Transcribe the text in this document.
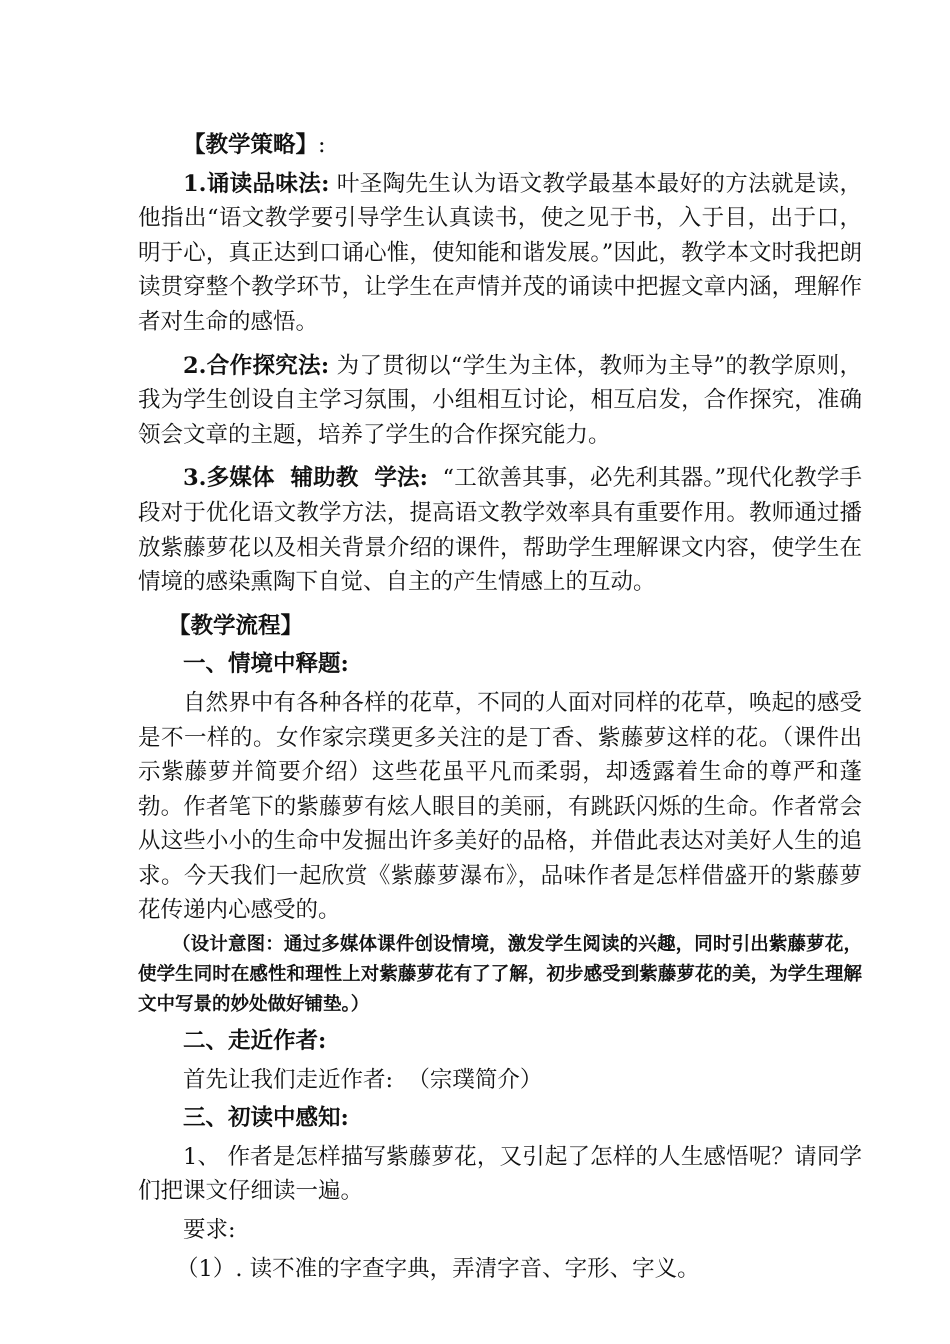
【教学策略】:

1.诵读品味法: 叶圣陶先生认为语文教学最基本最好的方法就是读，他指出“语文教学要引导学生认真读书，使之见于书，入于目，出于口，明于心，真正达到口诵心惟，使知能和谐发展。”因此，教学本文时我把朗读贯穿整个教学环节，让学生在声情并茂的诵读中把握文章内涵，理解作者对生命的感悟。

2.合作探究法: 为了贯彻以“学生为主体，教师为主导”的教学原则，我为学生创设自主学习氛围，小组相互讨论，相互启发，合作探究，准确领会文章的主题，培养了学生的合作探究能力。

3.多媒体  辅助教  学法:  “工欲善其事，必先利其器。”现代化教学手段对于优化语文教学方法，提高语文教学效率具有重要作用。教师通过播放紫藤萝花以及相关背景介绍的课件，帮助学生理解课文内容，使学生在情境的感染熏陶下自觉、自主的产生情感上的互动。

【教学流程】

一、情境中释题:

自然界中有各种各样的花草，不同的人面对同样的花草，唤起的感受是不一样的。女作家宗璞更多关注的是丁香、紫藤萝这样的花。（课件出示紫藤萝并简要介绍）这些花虽平凡而柔弱，却透露着生命的尊严和蓬勃。作者笔下的紫藤萝有炫人眼目的美丽，有跳跃闪烁的生命。作者常会从这些小小的生命中发掘出许多美好的品格，并借此表达对美好人生的追求。今天我们一起欣赏《紫藤萝瀑布》，品味作者是怎样借盛开的紫藤萝花传递内心感受的。

（设计意图：通过多媒体课件创设情境，激发学生阅读的兴趣，同时引出紫藤萝花，使学生同时在感性和理性上对紫藤萝花有了了解，初步感受到紫藤萝花的美，为学生理解文中写景的妙处做好铺垫。）

二、走近作者:

首先让我们走近作者:  （宗璞简介）

三、初读中感知:

1、 作者是怎样描写紫藤萝花，又引起了怎样的人生感悟呢？请同学们把课文仔细读一遍。

要求:

（1）. 读不准的字查字典，弄清字音、字形、字义。
